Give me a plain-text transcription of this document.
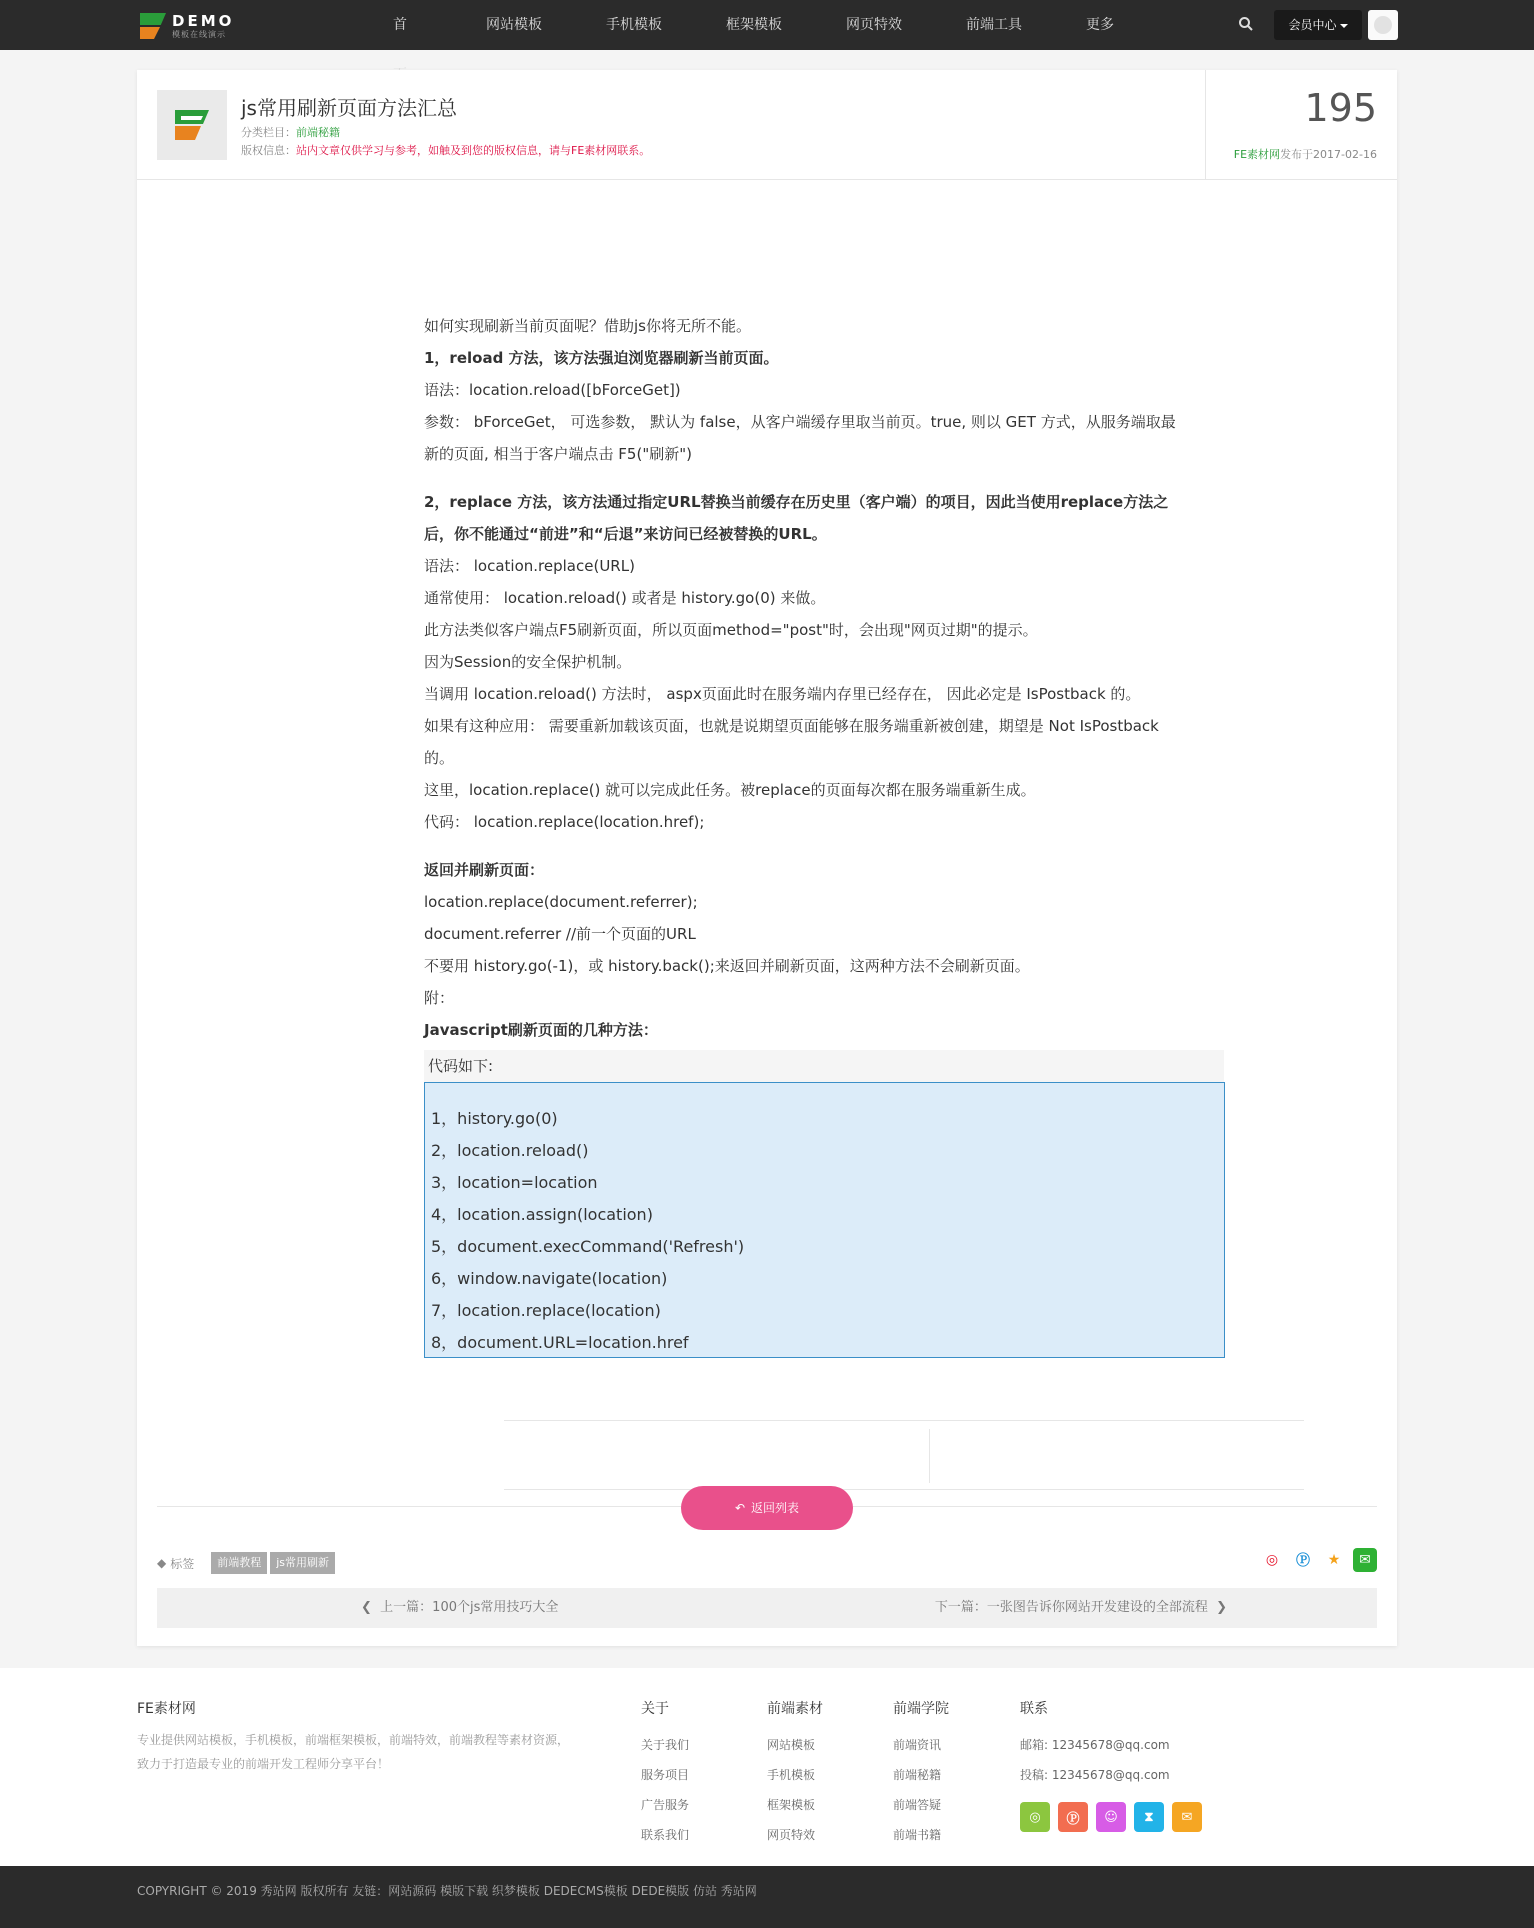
DEMO
模板在线演示
首	网站模板	手机模板	框架模板	网页特效	前端工具	更多	会员中心
js常用刷新页面方法汇总
分类栏目：前端秘籍
版权信息：站内文章仅供学习与参考，如触及到您的版权信息，请与FE素材网联系。
195
FE素材网发布于2017-02-16

如何实现刷新当前页面呢？借助js你将无所不能。

1，reload 方法，该方法强迫浏览器刷新当前页面。

语法：location.reload([bForceGet])

参数： bForceGet， 可选参数， 默认为 false，从客户端缓存里取当前页。true, 则以 GET 方式，从服务端取最

新的页面, 相当于客户端点击 F5("刷新")

2，replace 方法，该方法通过指定URL替换当前缓存在历史里（客户端）的项目，因此当使用replace方法之

后，你不能通过“前进”和“后退”来访问已经被替换的URL。

语法： location.replace(URL)

通常使用： location.reload() 或者是 history.go(0) 来做。

此方法类似客户端点F5刷新页面，所以页面method="post"时，会出现"网页过期"的提示。

因为Session的安全保护机制。

当调用 location.reload() 方法时， aspx页面此时在服务端内存里已经存在， 因此必定是 IsPostback 的。

如果有这种应用： 需要重新加载该页面，也就是说期望页面能够在服务端重新被创建，期望是 Not IsPostback

的。

这里，location.replace() 就可以完成此任务。被replace的页面每次都在服务端重新生成。

代码： location.replace(location.href);

返回并刷新页面：

location.replace(document.referrer);

document.referrer //前一个页面的URL

不要用 history.go(-1)，或 history.back();来返回并刷新页面，这两种方法不会刷新页面。

附：

Javascript刷新页面的几种方法：

代码如下:

1，history.go(0)

2，location.reload()

3，location=location

4，location.assign(location)

5，document.execCommand('Refresh')

6，window.navigate(location)

7，location.replace(location)

8，document.URL=location.href

↶ 返回列表
◆ 标签	前端教程	js常用刷新	◎	Ⓟ	★	✉
❮  上一篇：100个js常用技巧大全	下一篇：一张图告诉你网站开发建设的全部流程  ❯
FE素材网
专业提供网站模板，手机模板，前端框架模板，前端特效，前端教程等素材资源，致力于打造最专业的前端开发工程师分享平台！
关于
关于我们
服务项目
广告服务
联系我们
前端素材
网站模板
手机模板
框架模板
网页特效
前端学院
前端资讯
前端秘籍
前端答疑
前端书籍
联系
邮箱: 12345678@qq.com
投稿: 12345678@qq.com
◎	Ⓟ	☺	⧗	✉
COPYRIGHT © 2019 秀站网 版权所有 友链：网站源码 模版下载 织梦模板 DEDECMS模板 DEDE模版 仿站 秀站网
